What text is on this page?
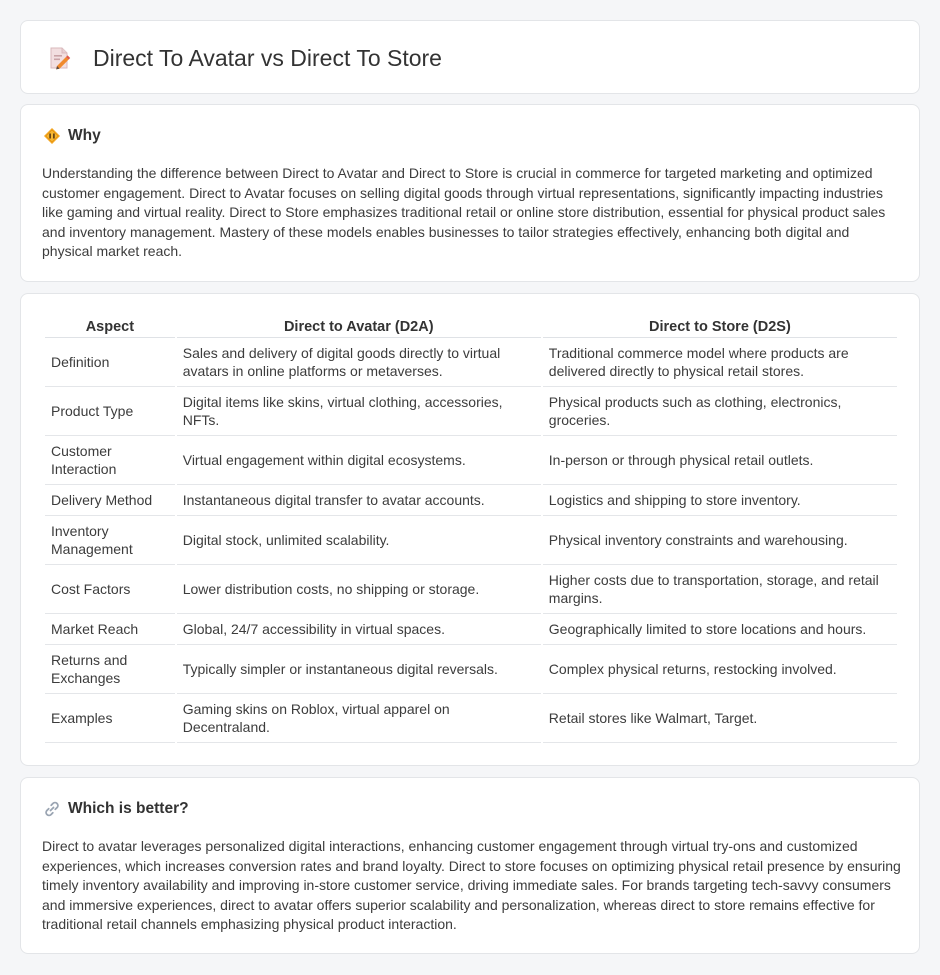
Direct To Avatar vs Direct To Store
Why

Understanding the difference between Direct to Avatar and Direct to Store is crucial in commerce for targeted marketing and optimized customer engagement. Direct to Avatar focuses on selling digital goods through virtual representations, significantly impacting industries like gaming and virtual reality. Direct to Store emphasizes traditional retail or online store distribution, essential for physical product sales and inventory management. Mastery of these models enables businesses to tailor strategies effectively, enhancing both digital and physical market reach.

Aspect	Direct to Avatar (D2A)	Direct to Store (D2S)
Definition	Sales and delivery of digital goods directly to virtual avatars in online platforms or metaverses.	Traditional commerce model where products are delivered directly to physical retail stores.
Product Type	Digital items like skins, virtual clothing, accessories, NFTs.	Physical products such as clothing, electronics, groceries.
Customer Interaction	Virtual engagement within digital ecosystems.	In-person or through physical retail outlets.
Delivery Method	Instantaneous digital transfer to avatar accounts.	Logistics and shipping to store inventory.
Inventory Management	Digital stock, unlimited scalability.	Physical inventory constraints and warehousing.
Cost Factors	Lower distribution costs, no shipping or storage.	Higher costs due to transportation, storage, and retail margins.
Market Reach	Global, 24/7 accessibility in virtual spaces.	Geographically limited to store locations and hours.
Returns and Exchanges	Typically simpler or instantaneous digital reversals.	Complex physical returns, restocking involved.
Examples	Gaming skins on Roblox, virtual apparel on Decentraland.	Retail stores like Walmart, Target.
Which is better?

Direct to avatar leverages personalized digital interactions, enhancing customer engagement through virtual try-ons and customized experiences, which increases conversion rates and brand loyalty. Direct to store focuses on optimizing physical retail presence by ensuring timely inventory availability and improving in-store customer service, driving immediate sales. For brands targeting tech-savvy consumers and immersive experiences, direct to avatar offers superior scalability and personalization, whereas direct to store remains effective for traditional retail channels emphasizing physical product interaction.
